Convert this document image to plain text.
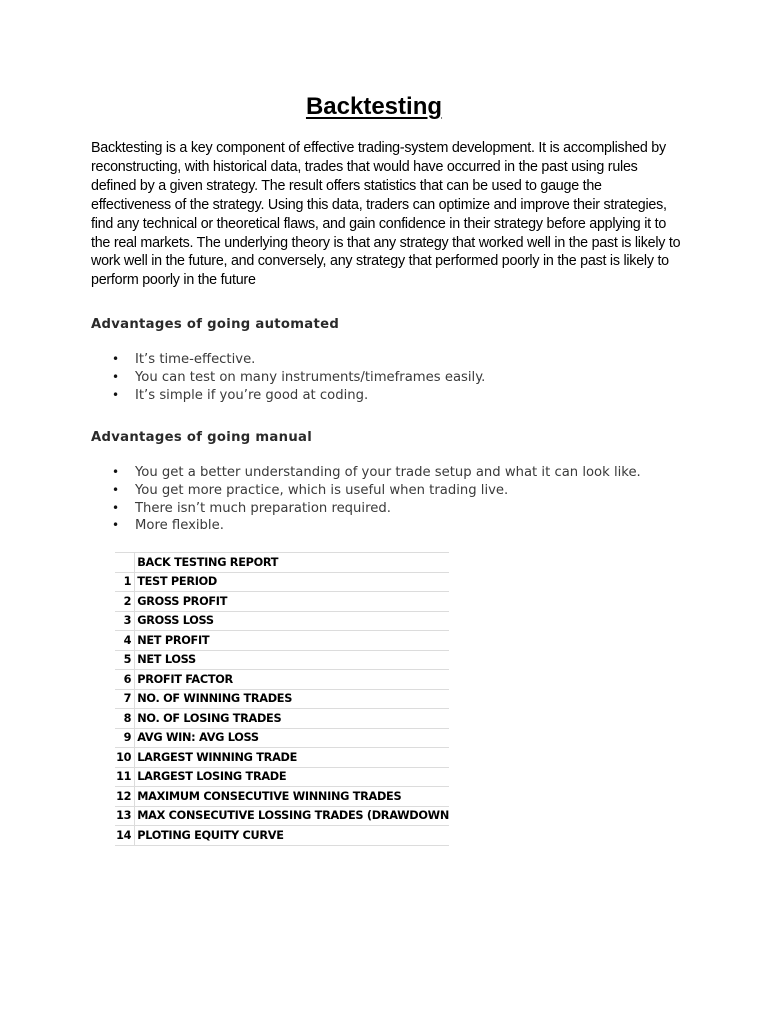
Backtesting

Backtesting is a key component of effective trading-system development. It is accomplished by reconstructing, with historical data, trades that would have occurred in the past using rules defined by a given strategy. The result offers statistics that can be used to gauge the effectiveness of the strategy. Using this data, traders can optimize and improve their strategies, find any technical or theoretical flaws, and gain confidence in their strategy before applying it to the real markets. The underlying theory is that any strategy that worked well in the past is likely to work well in the future, and conversely, any strategy that performed poorly in the past is likely to perform poorly in the future

Advantages of going automated
• It’s time-effective.
• You can test on many instruments/timeframes easily.
• It’s simple if you’re good at coding.
Advantages of going manual
• You get a better understanding of your trade setup and what it can look like.
• You get more practice, which is useful when trading live.
• There isn’t much preparation required.
• More flexible.
	BACK TESTING REPORT
1	TEST PERIOD
2	GROSS PROFIT
3	GROSS LOSS
4	NET PROFIT
5	NET LOSS
6	PROFIT FACTOR
7	NO. OF WINNING TRADES
8	NO. OF LOSING TRADES
9	AVG WIN: AVG LOSS
10	LARGEST WINNING TRADE
11	LARGEST LOSING TRADE
12	MAXIMUM CONSECUTIVE WINNING TRADES
13	MAX CONSECUTIVE LOSSING TRADES (DRAWDOWN
14	PLOTING EQUITY CURVE
